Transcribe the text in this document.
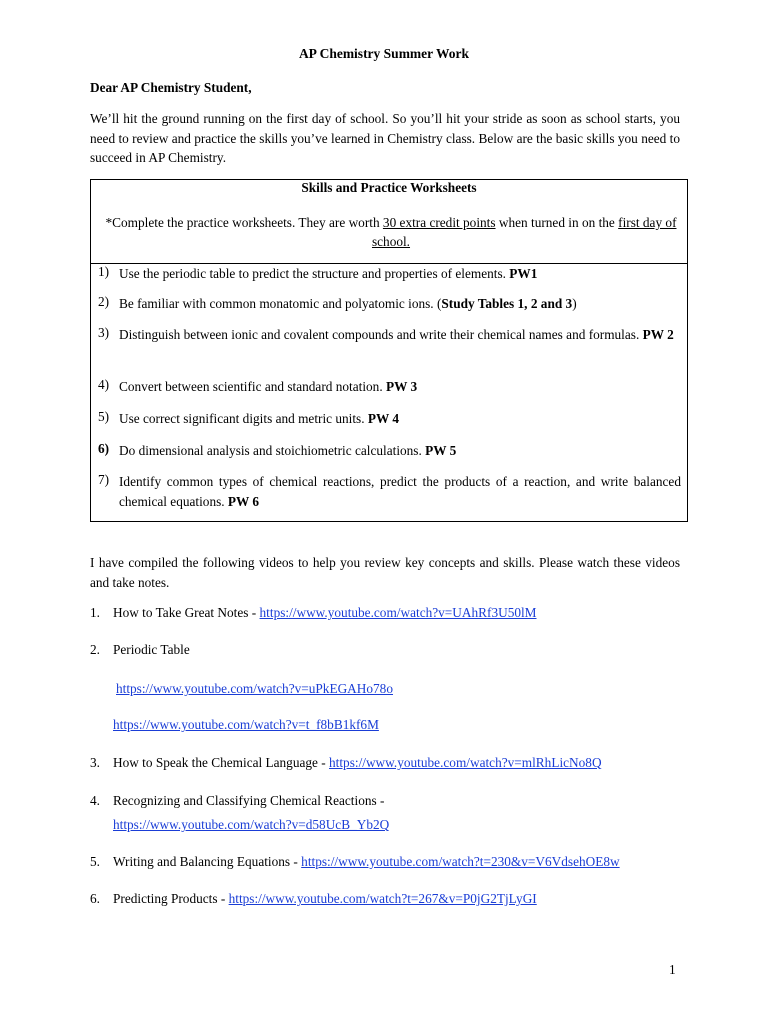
AP Chemistry Summer Work
Dear AP Chemistry Student,
We’ll hit the ground running on the first day of school. So you’ll hit your stride as soon as school starts, you need to review and practice the skills you’ve learned in Chemistry class. Below are the basic skills you need to succeed in AP Chemistry.
Skills and Practice Worksheets
*Complete the practice worksheets. They are worth 30 extra credit points when turned in on the first day of school.
1) Use the periodic table to predict the structure and properties of elements. PW1
2) Be familiar with common monatomic and polyatomic ions. (Study Tables 1, 2 and 3)
3) Distinguish between ionic and covalent compounds and write their chemical names and formulas. PW 2
4) Convert between scientific and standard notation. PW 3
5) Use correct significant digits and metric units. PW 4
6) Do dimensional analysis and stoichiometric calculations. PW 5
7) Identify common types of chemical reactions, predict the products of a reaction, and write balanced chemical equations. PW 6
I have compiled the following videos to help you review key concepts and skills. Please watch these videos and take notes.
1. How to Take Great Notes - https://www.youtube.com/watch?v=UAhRf3U50lM
2. Periodic Table
https://www.youtube.com/watch?v=uPkEGAHo78o
https://www.youtube.com/watch?v=t_f8bB1kf6M
3. How to Speak the Chemical Language - https://www.youtube.com/watch?v=mlRhLicNo8Q
4. Recognizing and Classifying Chemical Reactions -
https://www.youtube.com/watch?v=d58UcB_Yb2Q
5. Writing and Balancing Equations - https://www.youtube.com/watch?t=230&v=V6VdsehOE8w
6. Predicting Products - https://www.youtube.com/watch?t=267&v=P0jG2TjLyGI
1
